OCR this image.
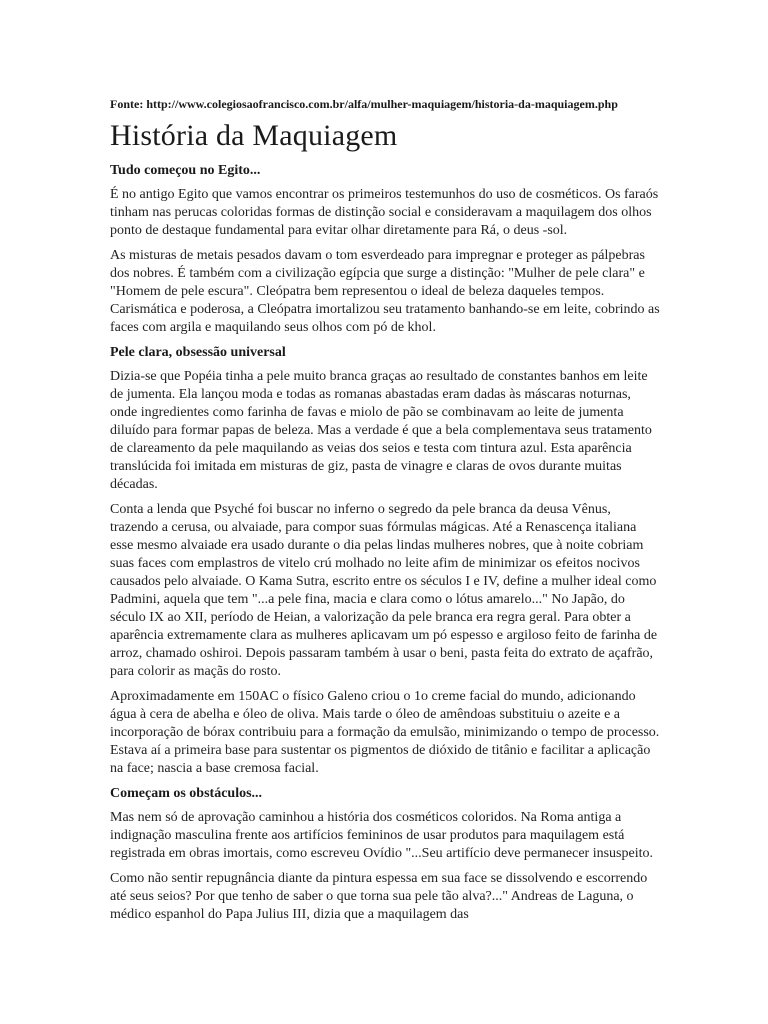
Fonte: http://www.colegiosaofrancisco.com.br/alfa/mulher-maquiagem/historia-da-maquiagem.php
História da Maquiagem
Tudo começou no Egito...

É no antigo Egito que vamos encontrar os primeiros testemunhos do uso de cosméticos. Os faraós tinham nas perucas coloridas formas de distinção social e consideravam a maquilagem dos olhos ponto de destaque fundamental para evitar olhar diretamente para Rá, o deus -sol.

As misturas de metais pesados davam o tom esverdeado para impregnar e proteger as pálpebras dos nobres. É também com a civilização egípcia que surge a distinção: "Mulher de pele clara" e "Homem de pele escura". Cleópatra bem representou o ideal de beleza daqueles tempos. Carismática e poderosa, a Cleópatra imortalizou seu tratamento banhando-se em leite, cobrindo as faces com argila e maquilando seus olhos com pó de khol.

Pele clara, obsessão universal

Dizia-se que Popéia tinha a pele muito branca graças ao resultado de constantes banhos em leite de jumenta. Ela lançou moda e todas as romanas abastadas eram dadas às máscaras noturnas, onde ingredientes como farinha de favas e miolo de pão se combinavam ao leite de jumenta diluído para formar papas de beleza. Mas a verdade é que a bela complementava seus tratamento de clareamento da pele maquilando as veias dos seios e testa com tintura azul. Esta aparência translúcida foi imitada em misturas de giz, pasta de vinagre e claras de ovos durante muitas décadas.

Conta a lenda que Psyché foi buscar no inferno o segredo da pele branca da deusa Vênus, trazendo a cerusa, ou alvaiade, para compor suas fórmulas mágicas. Até a Renascença italiana esse mesmo alvaiade era usado durante o dia pelas lindas mulheres nobres, que à noite cobriam suas faces com emplastros de vitelo crú molhado no leite afim de minimizar os efeitos nocivos causados pelo alvaiade. O Kama Sutra, escrito entre os séculos I e IV, define a mulher ideal como Padmini, aquela que tem "...a pele fina, macia e clara como o lótus amarelo..." No Japão, do século IX ao XII, período de Heian, a valorização da pele branca era regra geral. Para obter a aparência extremamente clara as mulheres aplicavam um pó espesso e argiloso feito de farinha de arroz, chamado oshiroi. Depois passaram também à usar o beni, pasta feita do extrato de açafrão, para colorir as maçãs do rosto.

Aproximadamente em 150AC o físico Galeno criou o 1o creme facial do mundo, adicionando água à cera de abelha e óleo de oliva. Mais tarde o óleo de amêndoas substituiu o azeite e a incorporação de bórax contribuiu para a formação da emulsão, minimizando o tempo de processo. Estava aí a primeira base para sustentar os pigmentos de dióxido de titânio e facilitar a aplicação na face; nascia a base cremosa facial.

Começam os obstáculos...

Mas nem só de aprovação caminhou a história dos cosméticos coloridos. Na Roma antiga a indignação masculina frente aos artifícios femininos de usar produtos para maquilagem está registrada em obras imortais, como escreveu Ovídio "...Seu artifício deve permanecer insuspeito.

Como não sentir repugnância diante da pintura espessa em sua face se dissolvendo e escorrendo até seus seios? Por que tenho de saber o que torna sua pele tão alva?..." Andreas de Laguna, o médico espanhol do Papa Julius III, dizia que a maquilagem das
